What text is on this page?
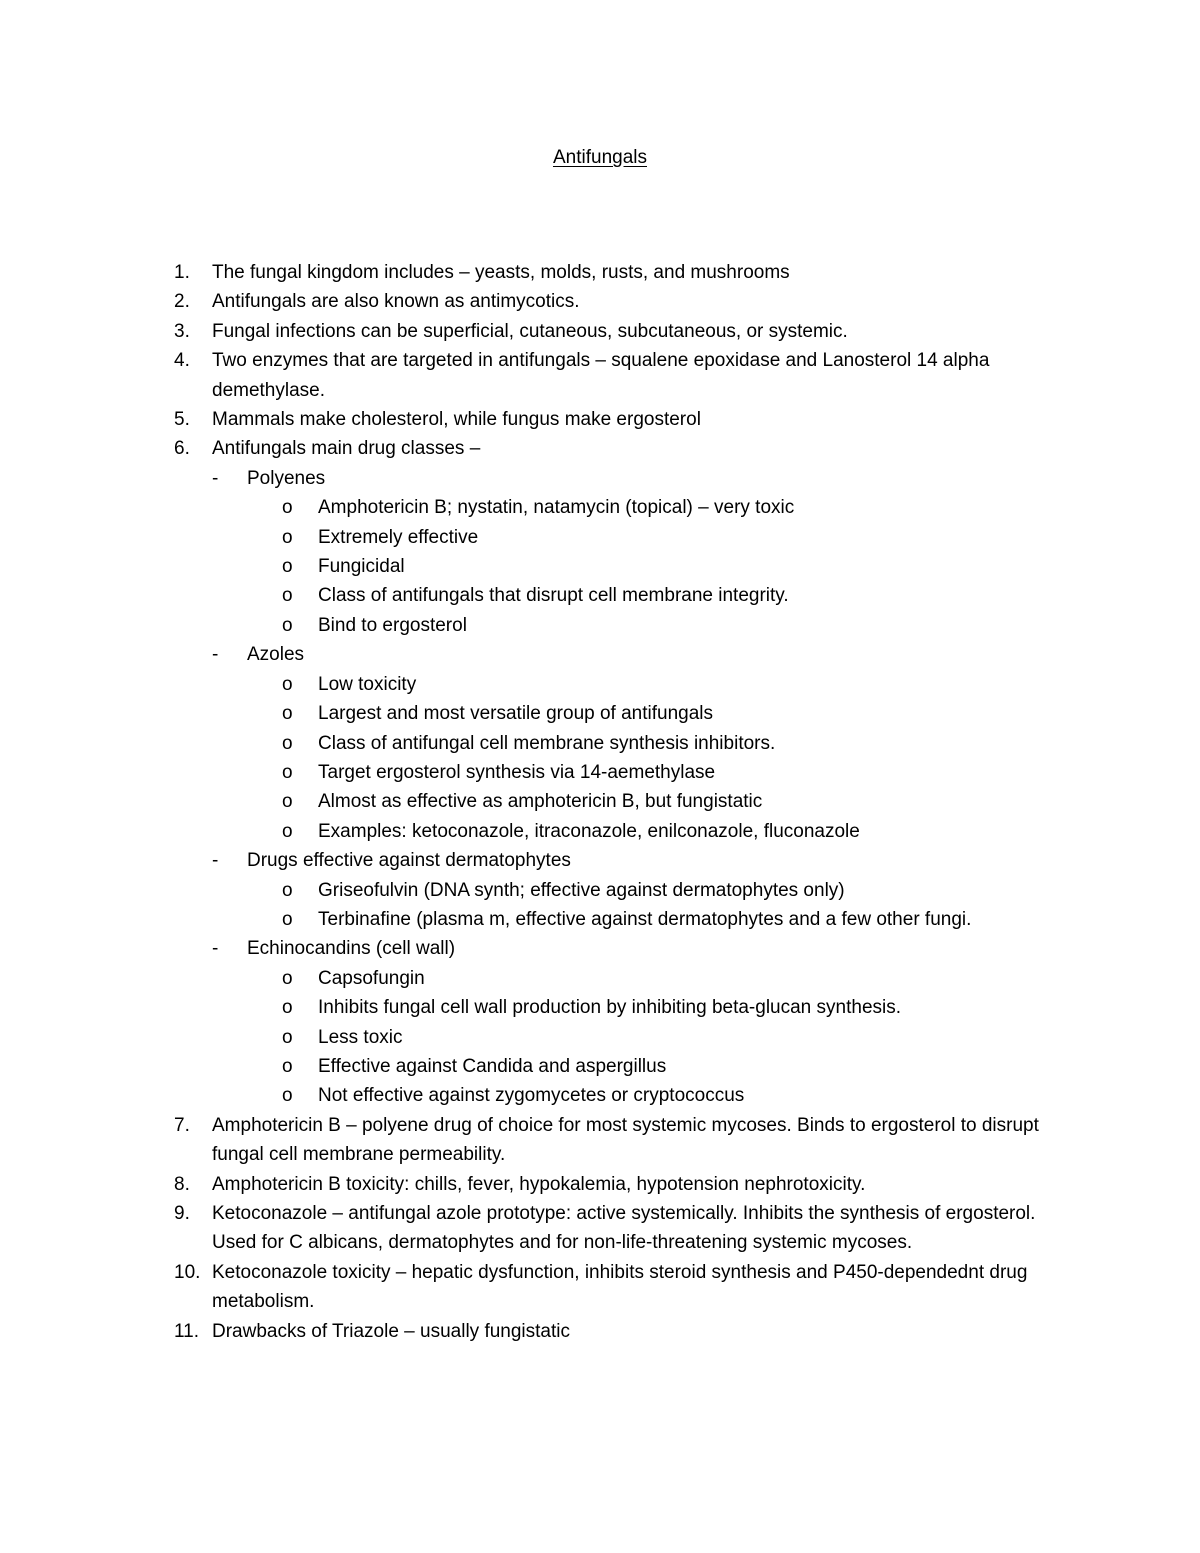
Antifungals
1.	The fungal kingdom includes – yeasts, molds, rusts, and mushrooms
2.	Antifungals are also known as antimycotics.
3.	Fungal infections can be superficial, cutaneous, subcutaneous, or systemic.
4.	Two enzymes that are targeted in antifungals – squalene epoxidase and Lanosterol 14 alpha demethylase.
5.	Mammals make cholesterol, while fungus make ergosterol
6.	Antifungals main drug classes –
- Polyenes
o Amphotericin B; nystatin, natamycin (topical) – very toxic
o Extremely effective
o Fungicidal
o Class of antifungals that disrupt cell membrane integrity.
o Bind to ergosterol
- Azoles
o Low toxicity
o Largest and most versatile group of antifungals
o Class of antifungal cell membrane synthesis inhibitors.
o Target ergosterol synthesis via 14-aemethylase
o Almost as effective as amphotericin B, but fungistatic
o Examples: ketoconazole, itraconazole, enilconazole, fluconazole
- Drugs effective against dermatophytes
o Griseofulvin (DNA synth; effective against dermatophytes only)
o Terbinafine (plasma m, effective against dermatophytes and a few other fungi.
- Echinocandins (cell wall)
o Capsofungin
o Inhibits fungal cell wall production by inhibiting beta-glucan synthesis.
o Less toxic
o Effective against Candida and aspergillus
o Not effective against zygomycetes or cryptococcus
7.	Amphotericin B – polyene drug of choice for most systemic mycoses. Binds to ergosterol to disrupt fungal cell membrane permeability.
8.	Amphotericin B toxicity: chills, fever, hypokalemia, hypotension nephrotoxicity.
9.	Ketoconazole – antifungal azole prototype: active systemically. Inhibits the synthesis of ergosterol. Used for C albicans, dermatophytes and for non-life-threatening systemic mycoses.
10. Ketoconazole toxicity – hepatic dysfunction, inhibits steroid synthesis and P450-dependednt drug metabolism.
11. Drawbacks of Triazole – usually fungistatic
